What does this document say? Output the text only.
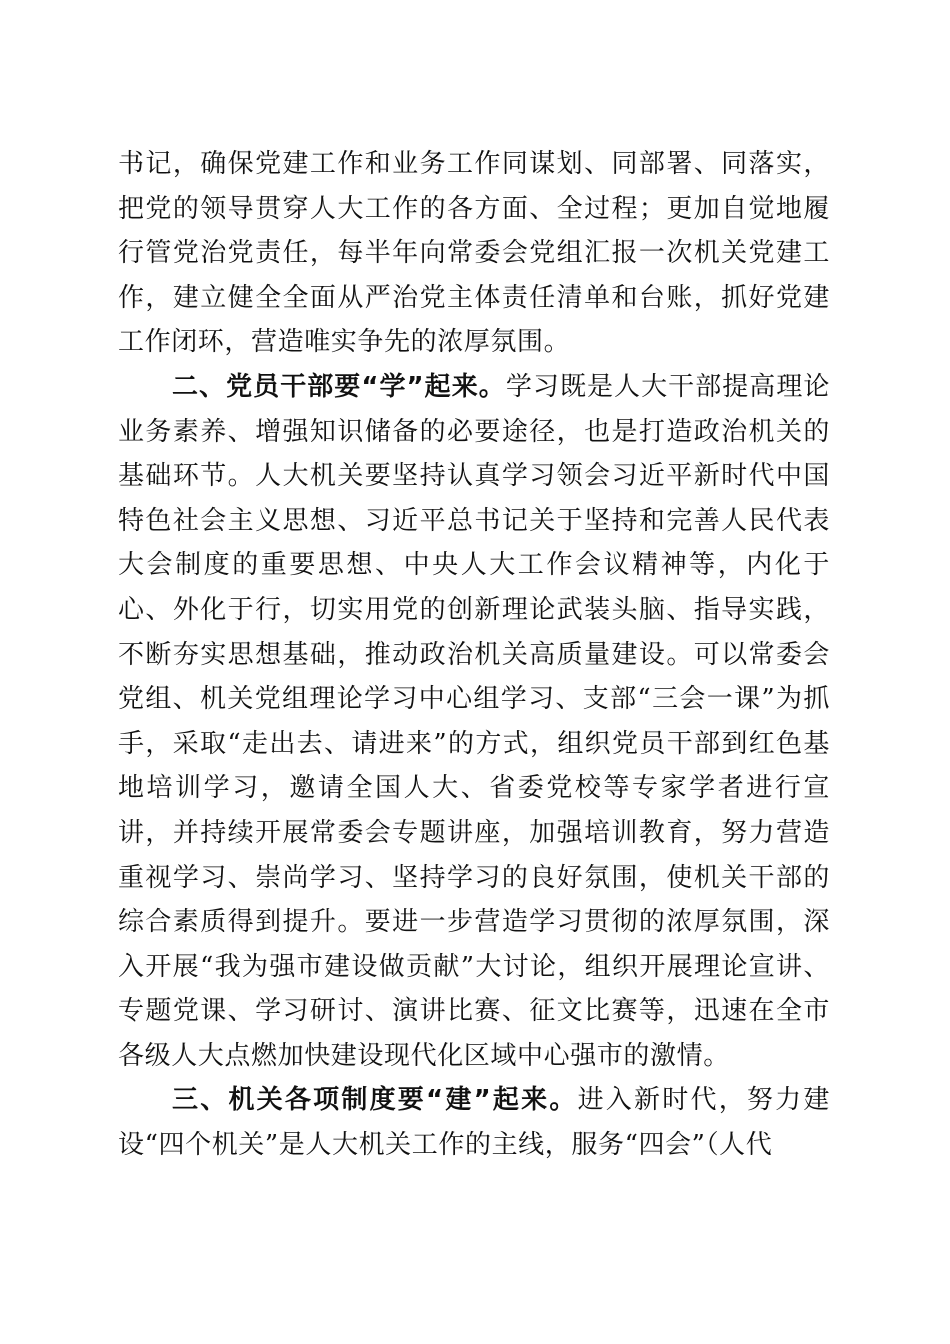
书记，确保党建工作和业务工作同谋划、同部署、同落实，把党的领导贯穿人大工作的各方面、全过程；更加自觉地履行管党治党责任，每半年向常委会党组汇报一次机关党建工作，建立健全全面从严治党主体责任清单和台账，抓好党建工作闭环，营造唯实争先的浓厚氛围。

二、党员干部要“学”起来。学习既是人大干部提高理论业务素养、增强知识储备的必要途径，也是打造政治机关的基础环节。人大机关要坚持认真学习领会习近平新时代中国特色社会主义思想、习近平总书记关于坚持和完善人民代表大会制度的重要思想、中央人大工作会议精神等，内化于心、外化于行，切实用党的创新理论武装头脑、指导实践，不断夯实思想基础，推动政治机关高质量建设。可以常委会党组、机关党组理论学习中心组学习、支部“三会一课”为抓手，采取“走出去、请进来”的方式，组织党员干部到红色基地培训学习，邀请全国人大、省委党校等专家学者进行宣讲，并持续开展常委会专题讲座，加强培训教育，努力营造重视学习、崇尚学习、坚持学习的良好氛围，使机关干部的综合素质得到提升。要进一步营造学习贯彻的浓厚氛围，深入开展“我为强市建设做贡献”大讨论，组织开展理论宣讲、专题党课、学习研讨、演讲比赛、征文比赛等，迅速在全市各级人大点燃加快建设现代化区域中心强市的激情。

三、机关各项制度要“建”起来。进入新时代，努力建设“四个机关”是人大机关工作的主线，服务“四会”（人代
